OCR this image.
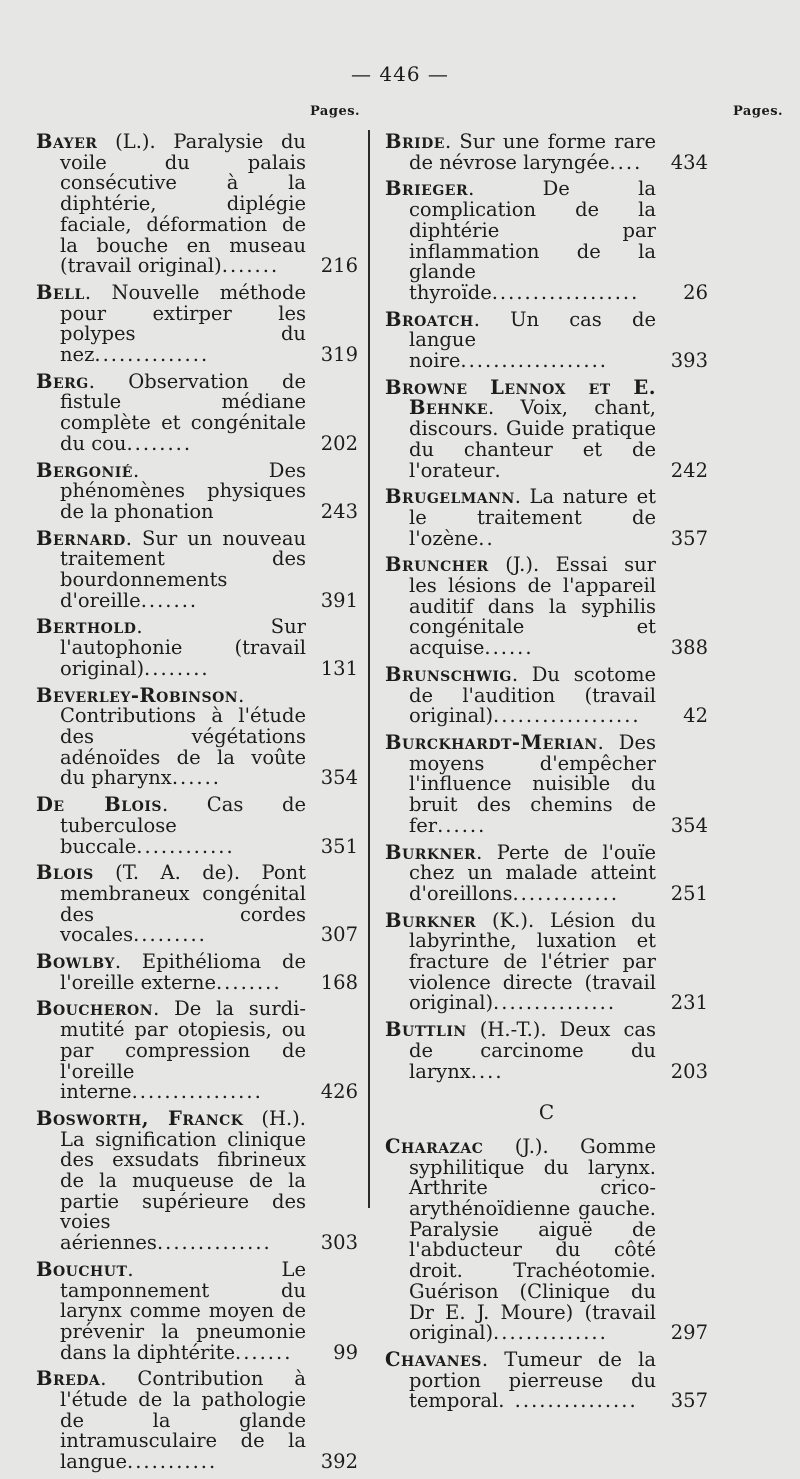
— 446 —
Pages.	Pages.
Bayer (L.). Paralysie du voile du palais consécutive à la diphtérie, diplégie faciale, déformation de la bouche en museau (travail original)....... 216
Bell. Nouvelle méthode pour extirper les polypes du nez..............	319
Berg. Observation de fistule médiane complète et congénitale du cou........	202
Bergonié. Des phénomènes physiques de la phonation	243
Bernard. Sur un nouveau traitement des bourdonnements d'oreille.......	391
Berthold. Sur l'autophonie (travail original)........	131
Beverley-Robinson. Contributions à l'étude des végétations adénoïdes de la voûte du pharynx......	354
De Blois. Cas de tuberculose buccale............	351
Blois (T. A. de). Pont membraneux congénital des cordes vocales.........	307
Bowlby. Epithélioma de l'oreille externe........ 168
Boucheron. De la surdi-mutité par otopiesis, ou par compression de l'oreille interne................	426
Bosworth, Franck (H.). La signification clinique des exsudats fibrineux de la muqueuse de la partie supérieure des voies aériennes..............	303
Bouchut. Le tamponnement du larynx comme moyen de prévenir la pneumonie dans la diphtérite....... 99
Breda. Contribution à l'étude de la pathologie de la glande intramusculaire de la langue...........	392
Bride. Sur une forme rare de névrose laryngée.... 434
Brieger. De la complication de la diphtérie par inflammation de la glande thyroïde.................. 26
Broatch. Un cas de langue noire..................	393
Browne Lennox et E. Behnke. Voix, chant, discours. Guide pratique du chanteur et de l'orateur.	242
Brugelmann. La nature et le traitement de l'ozène..	357
Bruncher (J.). Essai sur les lésions de l'appareil auditif dans la syphilis congénitale et acquise......	388
Brunschwig. Du scotome de l'audition (travail original).................. 42
Burckhardt-Merian. Des moyens d'empêcher l'influence nuisible du bruit des chemins de fer......	354
Burkner. Perte de l'ouïe chez un malade atteint d'oreillons.............	251
Burkner (K.). Lésion du labyrinthe, luxation et fracture de l'étrier par violence directe (travail original)...............	231
Buttlin (H.-T.). Deux cas de carcinome du larynx....	203
C
Charazac (J.). Gomme syphilitique du larynx. Arthrite crico-arythénoïdienne gauche. Paralysie aiguë de l'abducteur du côté droit. Trachéotomie. Guérison (Clinique du Dr E. J. Moure) (travail original)..............	297
Chavanes. Tumeur de la portion pierreuse du temporal. ............... 357
